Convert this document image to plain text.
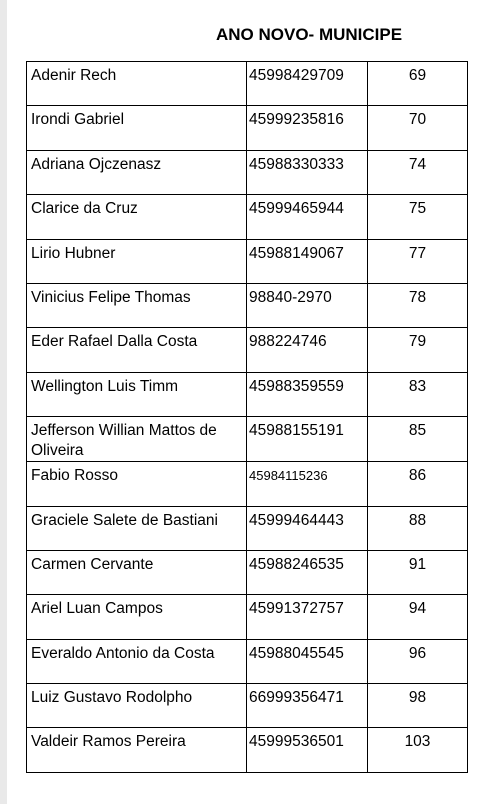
ANO NOVO- MUNICIPE
Adenir Rech	45998429709	69
Irondi Gabriel	45999235816	70
Adriana Ojczenasz	45988330333	74
Clarice da Cruz	45999465944	75
Lirio Hubner	45988149067	77
Vinicius Felipe Thomas	98840-2970	78
Eder Rafael Dalla Costa	988224746	79
Wellington Luis Timm	45988359559	83
Jefferson Willian Mattos de Oliveira	45988155191	85
Fabio Rosso	45984115236	86
Graciele Salete de Bastiani	45999464443	88
Carmen Cervante	45988246535	91
Ariel Luan Campos	45991372757	94
Everaldo Antonio da Costa	45988045545	96
Luiz Gustavo Rodolpho	66999356471	98
Valdeir Ramos Pereira	45999536501	103
